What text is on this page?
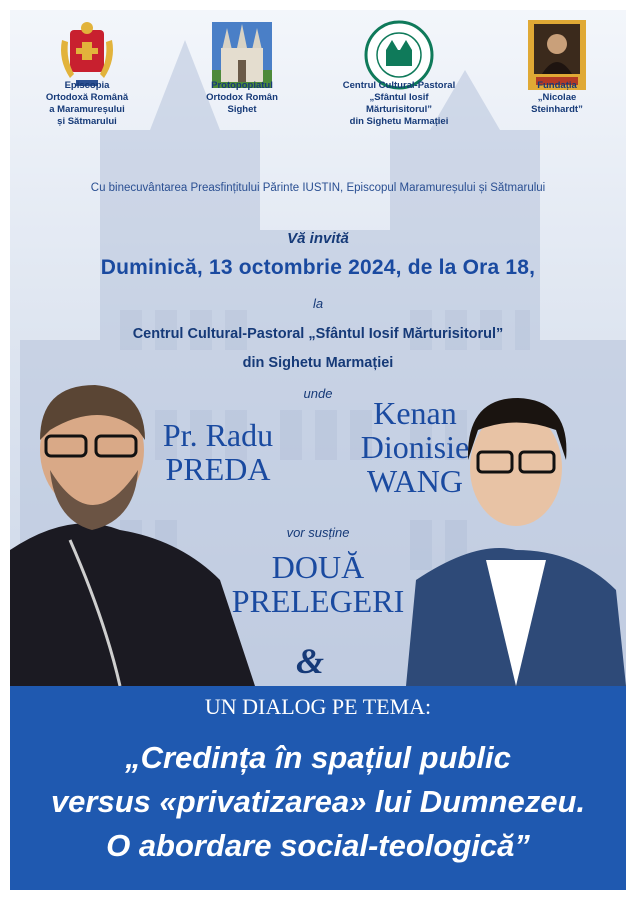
Episcopia
Ortodoxă Română
a Maramureșului
și Sătmarului
Protopopiatul
Ortodox Român
Sighet
Centrul Cultural-Pastoral
„Sfântul Iosif
Mărturisitorul”
din Sighetu Marmației
Fundația
„Nicolae
Steinhardt”
Cu binecuvântarea Preasfințitului Părinte IUSTIN, Episcopul Maramureșului și Sătmarului
Vă invită
Duminică, 13 octombrie 2024, de la Ora 18,
la
Centrul Cultural-Pastoral „Sfântul Iosif Mărturisitorul”
din Sighetu Marmației
unde
Pr. Radu
PREDA
Kenan
Dionisie
WANG
vor susține
DOUĂ
PRELEGERI
&
UN DIALOG PE TEMA:
„Credința în spațiul public
versus «privatizarea» lui Dumnezeu.
O abordare social-teologică”
